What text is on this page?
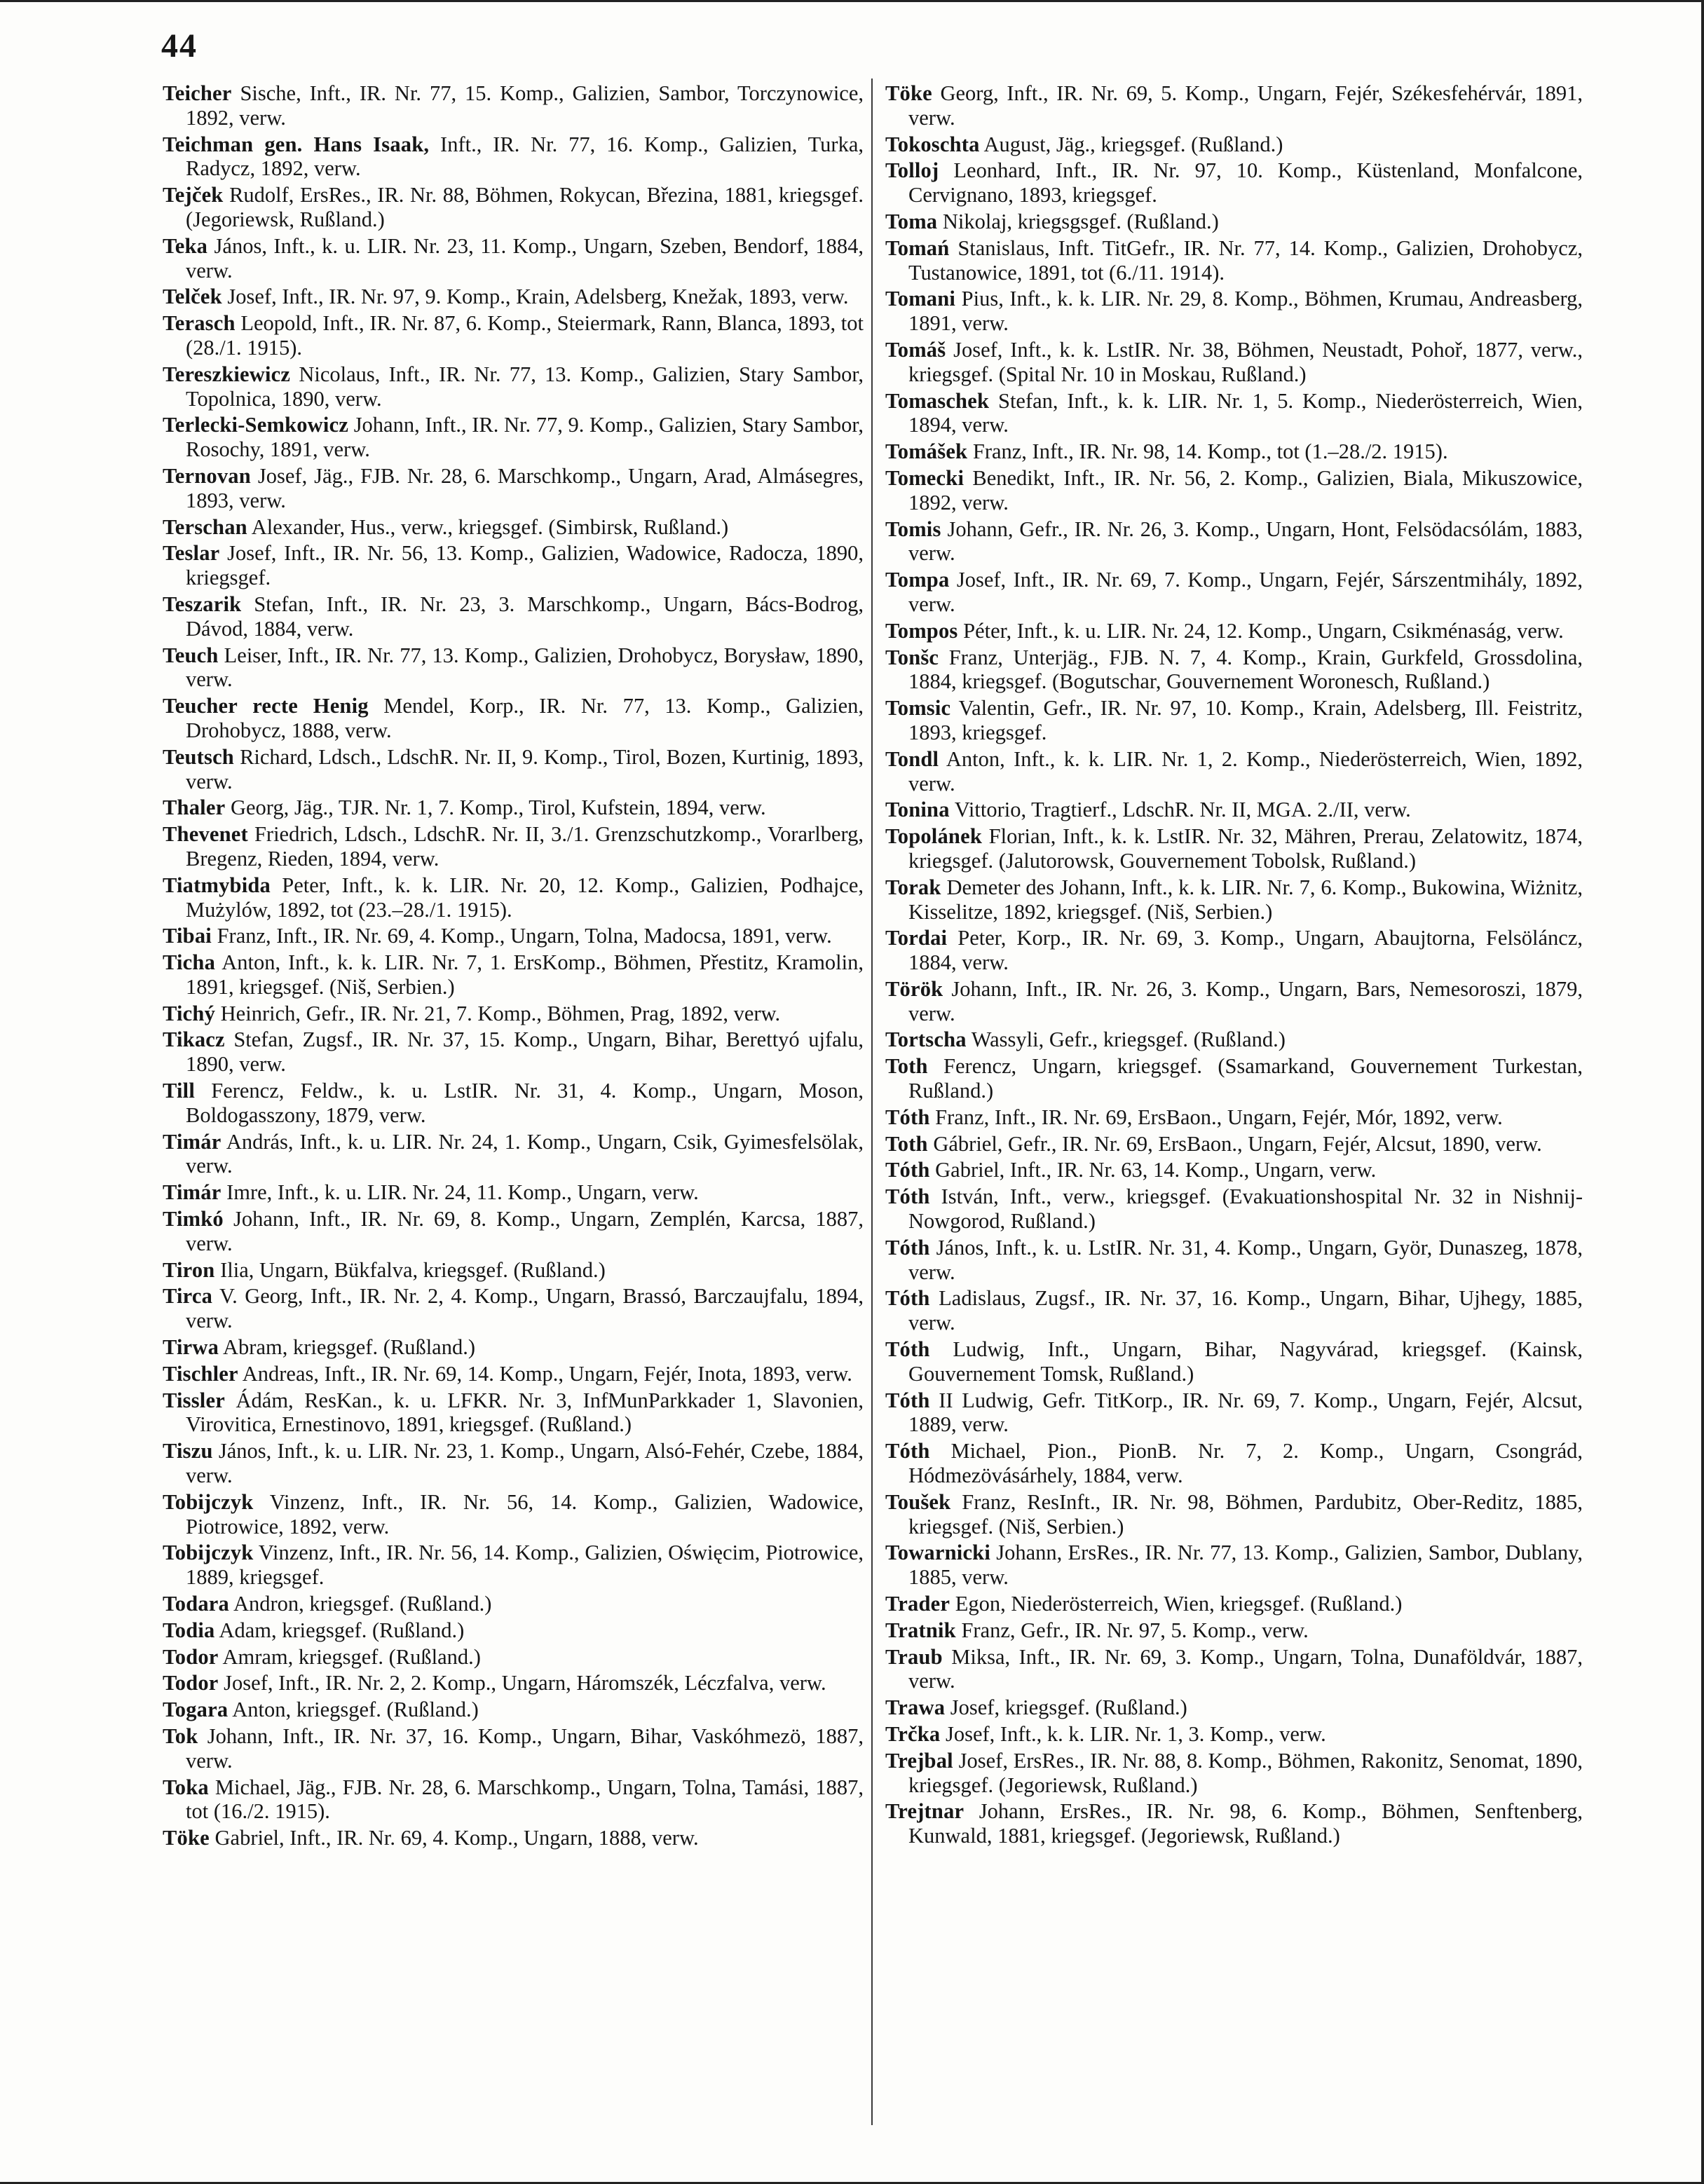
44

Teicher Sische, Inft., IR. Nr. 77, 15. Komp., Galizien, Sambor, Torczynowice, 1892, verw.

Teichman gen. Hans Isaak, Inft., IR. Nr. 77, 16. Komp., Galizien, Turka, Radycz, 1892, verw.

Tejček Rudolf, ErsRes., IR. Nr. 88, Böhmen, Rokycan, Březina, 1881, kriegsgef. (Jegoriewsk, Rußland.)

Teka János, Inft., k. u. LIR. Nr. 23, 11. Komp., Ungarn, Szeben, Bendorf, 1884, verw.

Telček Josef, Inft., IR. Nr. 97, 9. Komp., Krain, Adelsberg, Knežak, 1893, verw.

Terasch Leopold, Inft., IR. Nr. 87, 6. Komp., Steiermark, Rann, Blanca, 1893, tot (28./1. 1915).

Tereszkiewicz Nicolaus, Inft., IR. Nr. 77, 13. Komp., Galizien, Stary Sambor, Topolnica, 1890, verw.

Terlecki-Semkowicz Johann, Inft., IR. Nr. 77, 9. Komp., Galizien, Stary Sambor, Rosochy, 1891, verw.

Ternovan Josef, Jäg., FJB. Nr. 28, 6. Marschkomp., Ungarn, Arad, Almásegres, 1893, verw.

Terschan Alexander, Hus., verw., kriegsgef. (Simbirsk, Rußland.)

Teslar Josef, Inft., IR. Nr. 56, 13. Komp., Galizien, Wadowice, Radocza, 1890, kriegsgef.

Teszarik Stefan, Inft., IR. Nr. 23, 3. Marschkomp., Ungarn, Bács-Bodrog, Dávod, 1884, verw.

Teuch Leiser, Inft., IR. Nr. 77, 13. Komp., Galizien, Drohobycz, Borysław, 1890, verw.

Teucher recte Henig Mendel, Korp., IR. Nr. 77, 13. Komp., Galizien, Drohobycz, 1888, verw.

Teutsch Richard, Ldsch., LdschR. Nr. II, 9. Komp., Tirol, Bozen, Kurtinig, 1893, verw.

Thaler Georg, Jäg., TJR. Nr. 1, 7. Komp., Tirol, Kufstein, 1894, verw.

Thevenet Friedrich, Ldsch., LdschR. Nr. II, 3./1. Grenzschutzkomp., Vorarlberg, Bregenz, Rieden, 1894, verw.

Tiatmybida Peter, Inft., k. k. LIR. Nr. 20, 12. Komp., Galizien, Podhajce, Mużylów, 1892, tot (23.–28./1. 1915).

Tibai Franz, Inft., IR. Nr. 69, 4. Komp., Ungarn, Tolna, Madocsa, 1891, verw.

Ticha Anton, Inft., k. k. LIR. Nr. 7, 1. ErsKomp., Böhmen, Přestitz, Kramolin, 1891, kriegsgef. (Niš, Serbien.)

Tichý Heinrich, Gefr., IR. Nr. 21, 7. Komp., Böhmen, Prag, 1892, verw.

Tikacz Stefan, Zugsf., IR. Nr. 37, 15. Komp., Ungarn, Bihar, Berettyó ujfalu, 1890, verw.

Till Ferencz, Feldw., k. u. LstIR. Nr. 31, 4. Komp., Ungarn, Moson, Boldogasszony, 1879, verw.

Timár András, Inft., k. u. LIR. Nr. 24, 1. Komp., Ungarn, Csik, Gyimesfelsölak, verw.

Timár Imre, Inft., k. u. LIR. Nr. 24, 11. Komp., Ungarn, verw.

Timkó Johann, Inft., IR. Nr. 69, 8. Komp., Ungarn, Zemplén, Karcsa, 1887, verw.

Tiron Ilia, Ungarn, Bükfalva, kriegsgef. (Rußland.)

Tirca V. Georg, Inft., IR. Nr. 2, 4. Komp., Ungarn, Brassó, Barczaujfalu, 1894, verw.

Tirwa Abram, kriegsgef. (Rußland.)

Tischler Andreas, Inft., IR. Nr. 69, 14. Komp., Ungarn, Fejér, Inota, 1893, verw.

Tissler Ádám, ResKan., k. u. LFKR. Nr. 3, InfMunParkkader 1, Slavonien, Virovitica, Ernestinovo, 1891, kriegsgef. (Rußland.)

Tiszu János, Inft., k. u. LIR. Nr. 23, 1. Komp., Ungarn, Alsó-Fehér, Czebe, 1884, verw.

Tobijczyk Vinzenz, Inft., IR. Nr. 56, 14. Komp., Galizien, Wadowice, Piotrowice, 1892, verw.

Tobijczyk Vinzenz, Inft., IR. Nr. 56, 14. Komp., Galizien, Oświęcim, Piotrowice, 1889, kriegsgef.

Todara Andron, kriegsgef. (Rußland.)

Todia Adam, kriegsgef. (Rußland.)

Todor Amram, kriegsgef. (Rußland.)

Todor Josef, Inft., IR. Nr. 2, 2. Komp., Ungarn, Háromszék, Léczfalva, verw.

Togara Anton, kriegsgef. (Rußland.)

Tok Johann, Inft., IR. Nr. 37, 16. Komp., Ungarn, Bihar, Vaskóhmezö, 1887, verw.

Toka Michael, Jäg., FJB. Nr. 28, 6. Marschkomp., Ungarn, Tolna, Tamási, 1887, tot (16./2. 1915).

Töke Gabriel, Inft., IR. Nr. 69, 4. Komp., Ungarn, 1888, verw.

Töke Georg, Inft., IR. Nr. 69, 5. Komp., Ungarn, Fejér, Székesfehérvár, 1891, verw.

Tokoschta August, Jäg., kriegsgef. (Rußland.)

Tolloj Leonhard, Inft., IR. Nr. 97, 10. Komp., Küstenland, Monfalcone, Cervignano, 1893, kriegsgef.

Toma Nikolaj, kriegsgsgef. (Rußland.)

Tomań Stanislaus, Inft. TitGefr., IR. Nr. 77, 14. Komp., Galizien, Drohobycz, Tustanowice, 1891, tot (6./11. 1914).

Tomani Pius, Inft., k. k. LIR. Nr. 29, 8. Komp., Böhmen, Krumau, Andreasberg, 1891, verw.

Tomáš Josef, Inft., k. k. LstIR. Nr. 38, Böhmen, Neustadt, Pohoř, 1877, verw., kriegsgef. (Spital Nr. 10 in Moskau, Rußland.)

Tomaschek Stefan, Inft., k. k. LIR. Nr. 1, 5. Komp., Niederösterreich, Wien, 1894, verw.

Tomášek Franz, Inft., IR. Nr. 98, 14. Komp., tot (1.–28./2. 1915).

Tomecki Benedikt, Inft., IR. Nr. 56, 2. Komp., Galizien, Biala, Mikuszowice, 1892, verw.

Tomis Johann, Gefr., IR. Nr. 26, 3. Komp., Ungarn, Hont, Felsödacsólám, 1883, verw.

Tompa Josef, Inft., IR. Nr. 69, 7. Komp., Ungarn, Fejér, Sárszentmihály, 1892, verw.

Tompos Péter, Inft., k. u. LIR. Nr. 24, 12. Komp., Ungarn, Csikménaság, verw.

Tonšc Franz, Unterjäg., FJB. N. 7, 4. Komp., Krain, Gurkfeld, Grossdolina, 1884, kriegsgef. (Bogutschar, Gouvernement Woronesch, Rußland.)

Tomsic Valentin, Gefr., IR. Nr. 97, 10. Komp., Krain, Adelsberg, Ill. Feistritz, 1893, kriegsgef.

Tondl Anton, Inft., k. k. LIR. Nr. 1, 2. Komp., Niederösterreich, Wien, 1892, verw.

Tonina Vittorio, Tragtierf., LdschR. Nr. II, MGA. 2./II, verw.

Topolánek Florian, Inft., k. k. LstIR. Nr. 32, Mähren, Prerau, Zelatowitz, 1874, kriegsgef. (Jalutorowsk, Gouvernement Tobolsk, Rußland.)

Torak Demeter des Johann, Inft., k. k. LIR. Nr. 7, 6. Komp., Bukowina, Wiżnitz, Kisselitze, 1892, kriegsgef. (Niš, Serbien.)

Tordai Peter, Korp., IR. Nr. 69, 3. Komp., Ungarn, Abaujtorna, Felsöláncz, 1884, verw.

Török Johann, Inft., IR. Nr. 26, 3. Komp., Ungarn, Bars, Nemesoroszi, 1879, verw.

Tortscha Wassyli, Gefr., kriegsgef. (Rußland.)

Toth Ferencz, Ungarn, kriegsgef. (Ssamarkand, Gouvernement Turkestan, Rußland.)

Tóth Franz, Inft., IR. Nr. 69, ErsBaon., Ungarn, Fejér, Mór, 1892, verw.

Toth Gábriel, Gefr., IR. Nr. 69, ErsBaon., Ungarn, Fejér, Alcsut, 1890, verw.

Tóth Gabriel, Inft., IR. Nr. 63, 14. Komp., Ungarn, verw.

Tóth István, Inft., verw., kriegsgef. (Evakuationshospital Nr. 32 in Nishnij-Nowgorod, Rußland.)

Tóth János, Inft., k. u. LstIR. Nr. 31, 4. Komp., Ungarn, Györ, Dunaszeg, 1878, verw.

Tóth Ladislaus, Zugsf., IR. Nr. 37, 16. Komp., Ungarn, Bihar, Ujhegy, 1885, verw.

Tóth Ludwig, Inft., Ungarn, Bihar, Nagyvárad, kriegsgef. (Kainsk, Gouvernement Tomsk, Rußland.)

Tóth II Ludwig, Gefr. TitKorp., IR. Nr. 69, 7. Komp., Ungarn, Fejér, Alcsut, 1889, verw.

Tóth Michael, Pion., PionB. Nr. 7, 2. Komp., Ungarn, Csongrád, Hódmezövásárhely, 1884, verw.

Toušek Franz, ResInft., IR. Nr. 98, Böhmen, Pardubitz, Ober-Reditz, 1885, kriegsgef. (Niš, Serbien.)

Towarnicki Johann, ErsRes., IR. Nr. 77, 13. Komp., Galizien, Sambor, Dublany, 1885, verw.

Trader Egon, Niederösterreich, Wien, kriegsgef. (Rußland.)

Tratnik Franz, Gefr., IR. Nr. 97, 5. Komp., verw.

Traub Miksa, Inft., IR. Nr. 69, 3. Komp., Ungarn, Tolna, Dunaföldvár, 1887, verw.

Trawa Josef, kriegsgef. (Rußland.)

Trčka Josef, Inft., k. k. LIR. Nr. 1, 3. Komp., verw.

Trejbal Josef, ErsRes., IR. Nr. 88, 8. Komp., Böhmen, Rakonitz, Senomat, 1890, kriegsgef. (Jegoriewsk, Rußland.)

Trejtnar Johann, ErsRes., IR. Nr. 98, 6. Komp., Böhmen, Senftenberg, Kunwald, 1881, kriegsgef. (Jegoriewsk, Rußland.)
